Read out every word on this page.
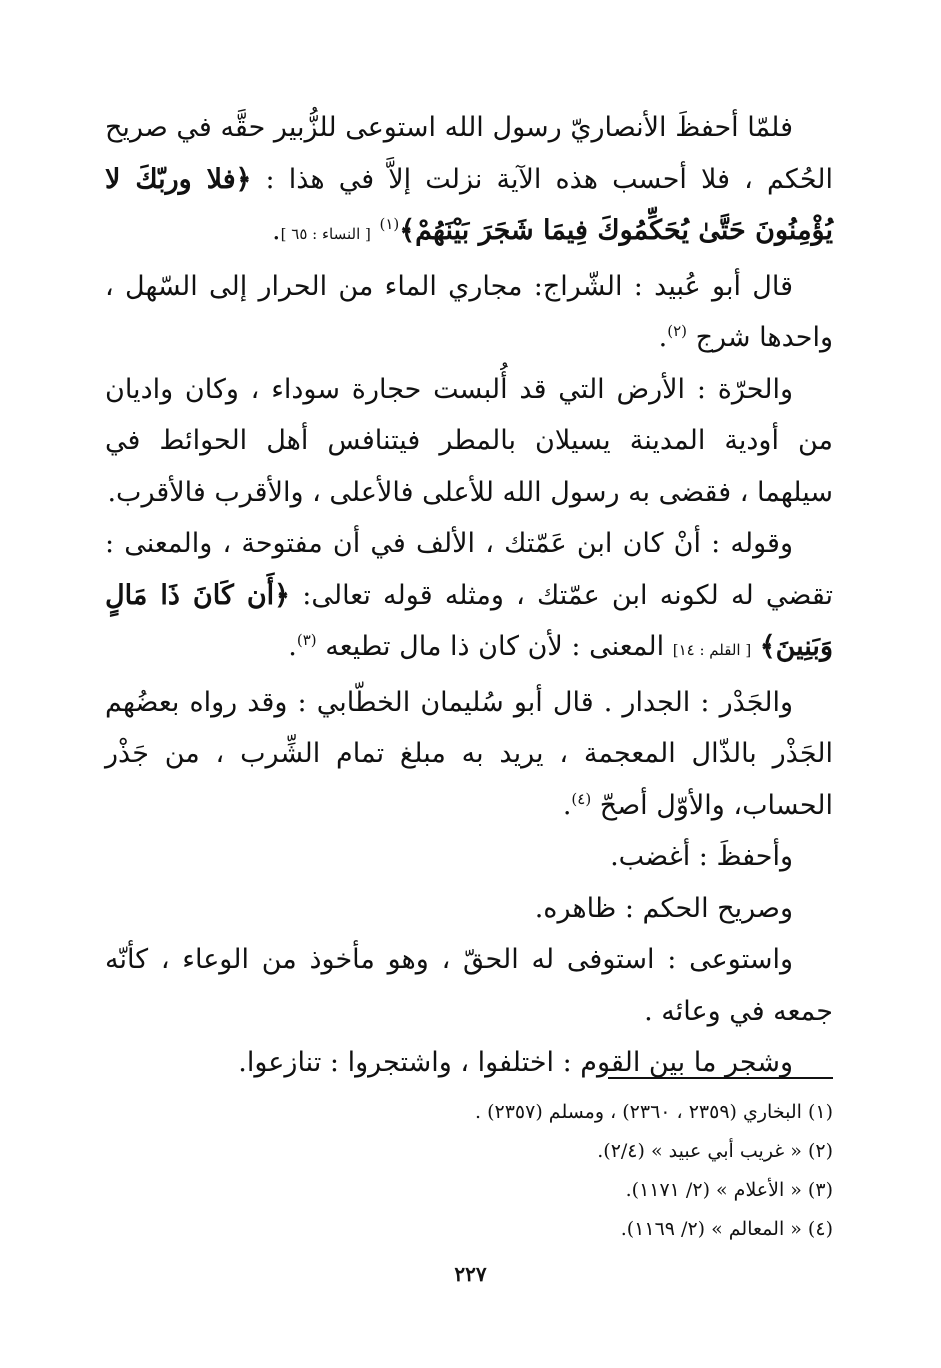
فلمّا أحفظَ الأنصاريّ رسول الله استوعى للزُّبير حقَّه في صريح الحُكم ، فلا أحسب هذه الآية نزلت إلاَّ في هذا : ﴿فلا وربّكَ لا يُؤْمِنُونَ حَتَّىٰ يُحَكِّمُوكَ فِيمَا شَجَرَ بَيْنَهُمْ﴾$^{(١)}$ [ النساء : ٦٥ ].

قال أبو عُبيد : الشّراج: مجاري الماء من الحرار إلى السّهل ، واحدها شرج $^{(٢)}$.

والحرّة : الأرض التي قد أُلبست حجارة سوداء ، وكان واديان من أودية المدينة يسيلان بالمطر فيتنافس أهل الحوائط في سيلهما ، فقضى به رسول الله للأعلى فالأعلى ، والأقرب فالأقرب.

وقوله : أنْ كان ابن عَمّتك ، الألف في أن مفتوحة ، والمعنى : تقضي له لكونه ابن عمّتك ، ومثله قوله تعالى: ﴿أَن كَانَ ذَا مَالٍ وَبَنِينَ﴾ [ القلم : ١٤] المعنى : لأن كان ذا مال تطيعه $^{(٣)}$.

والجَدْر : الجدار . قال أبو سُليمان الخطّابي : وقد رواه بعضُهم الجَذْر بالذّال المعجمة ، يريد به مبلغ تمام الشِّرب ، من جَذْر الحساب، والأوّل أصحّ $^{(٤)}$.

وأحفظَ : أغضب.

وصريح الحكم : ظاهره.

واستوعى : استوفى له الحقّ ، وهو مأخوذ من الوعاء ، كأنّه جمعه في وعائه .

وشجر ما بين القوم : اختلفوا ، واشتجروا : تنازعوا.

(١) البخاري (٢٣٥٩ ، ٢٣٦٠) ، ومسلم (٢٣٥٧) .

(٢) « غريب أبي عبيد » (٢/٤).

(٣) « الأعلام » (٢/ ١١٧١).

(٤) « المعالم » (٢/ ١١٦٩).

٢٢٧
